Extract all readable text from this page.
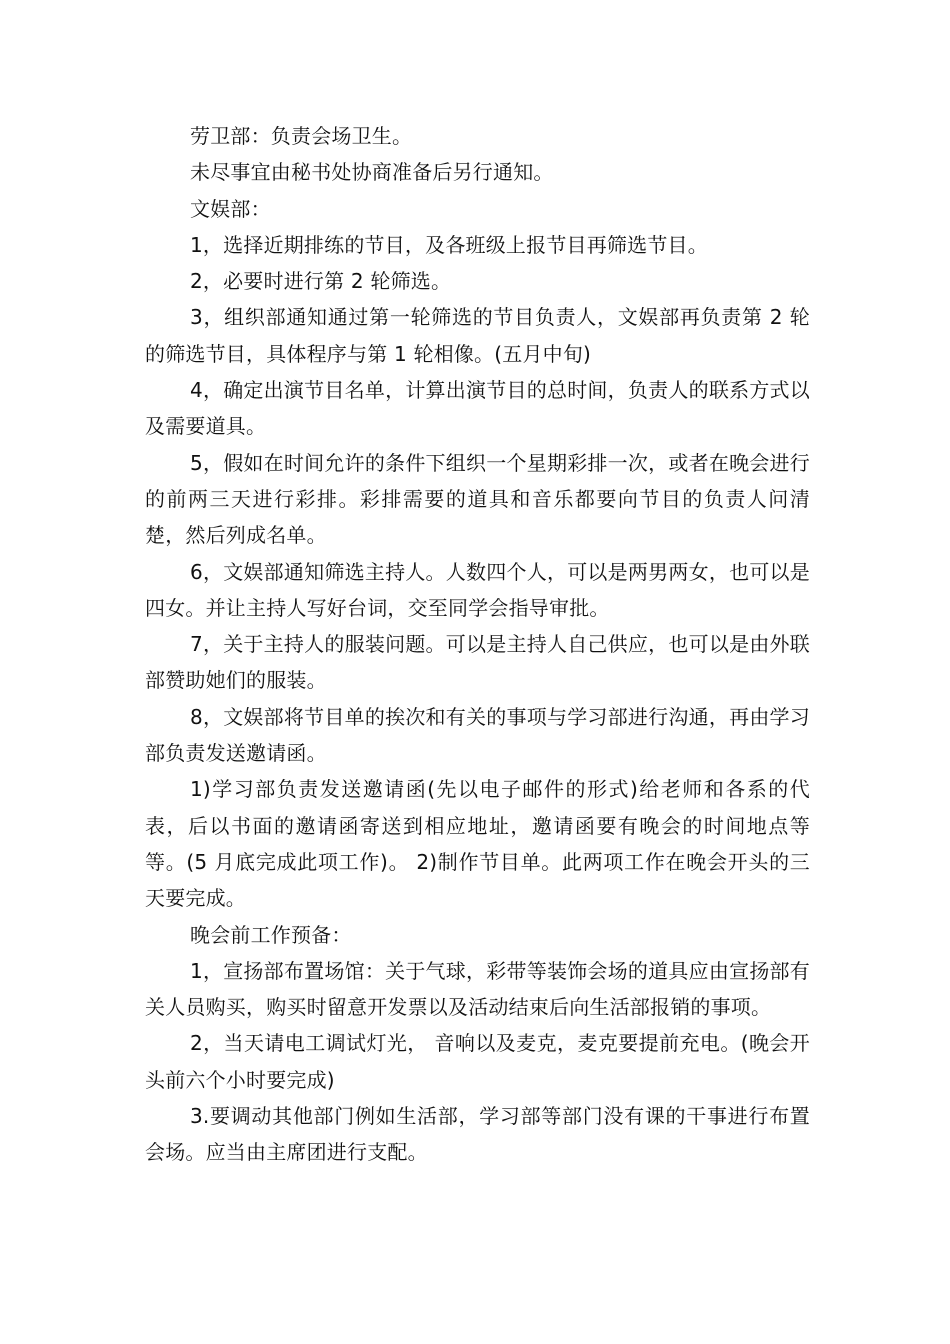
劳卫部：负责会场卫生。

未尽事宜由秘书处协商准备后另行通知。

文娱部：

1，选择近期排练的节目，及各班级上报节目再筛选节目。

2，必要时进行第 2 轮筛选。

3，组织部通知通过第一轮筛选的节目负责人，文娱部再负责第 2 轮的筛选节目，具体程序与第 1 轮相像。(五月中旬)

4，确定出演节目名单，计算出演节目的总时间，负责人的联系方式以及需要道具。

5，假如在时间允许的条件下组织一个星期彩排一次，或者在晚会进行的前两三天进行彩排。彩排需要的道具和音乐都要向节目的负责人问清楚，然后列成名单。

6，文娱部通知筛选主持人。人数四个人，可以是两男两女，也可以是四女。并让主持人写好台词，交至同学会指导审批。

7，关于主持人的服装问题。可以是主持人自己供应，也可以是由外联部赞助她们的服装。

8，文娱部将节目单的挨次和有关的事项与学习部进行沟通，再由学习部负责发送邀请函。

1)学习部负责发送邀请函(先以电子邮件的形式)给老师和各系的代表，后以书面的邀请函寄送到相应地址，邀请函要有晚会的时间地点等等。(5 月底完成此项工作)。 2)制作节目单。此两项工作在晚会开头的三天要完成。

晚会前工作预备：

1，宣扬部布置场馆：关于气球，彩带等装饰会场的道具应由宣扬部有关人员购买，购买时留意开发票以及活动结束后向生活部报销的事项。

2，当天请电工调试灯光， 音响以及麦克，麦克要提前充电。(晚会开头前六个小时要完成)

3.要调动其他部门例如生活部，学习部等部门没有课的干事进行布置会场。应当由主席团进行支配。
